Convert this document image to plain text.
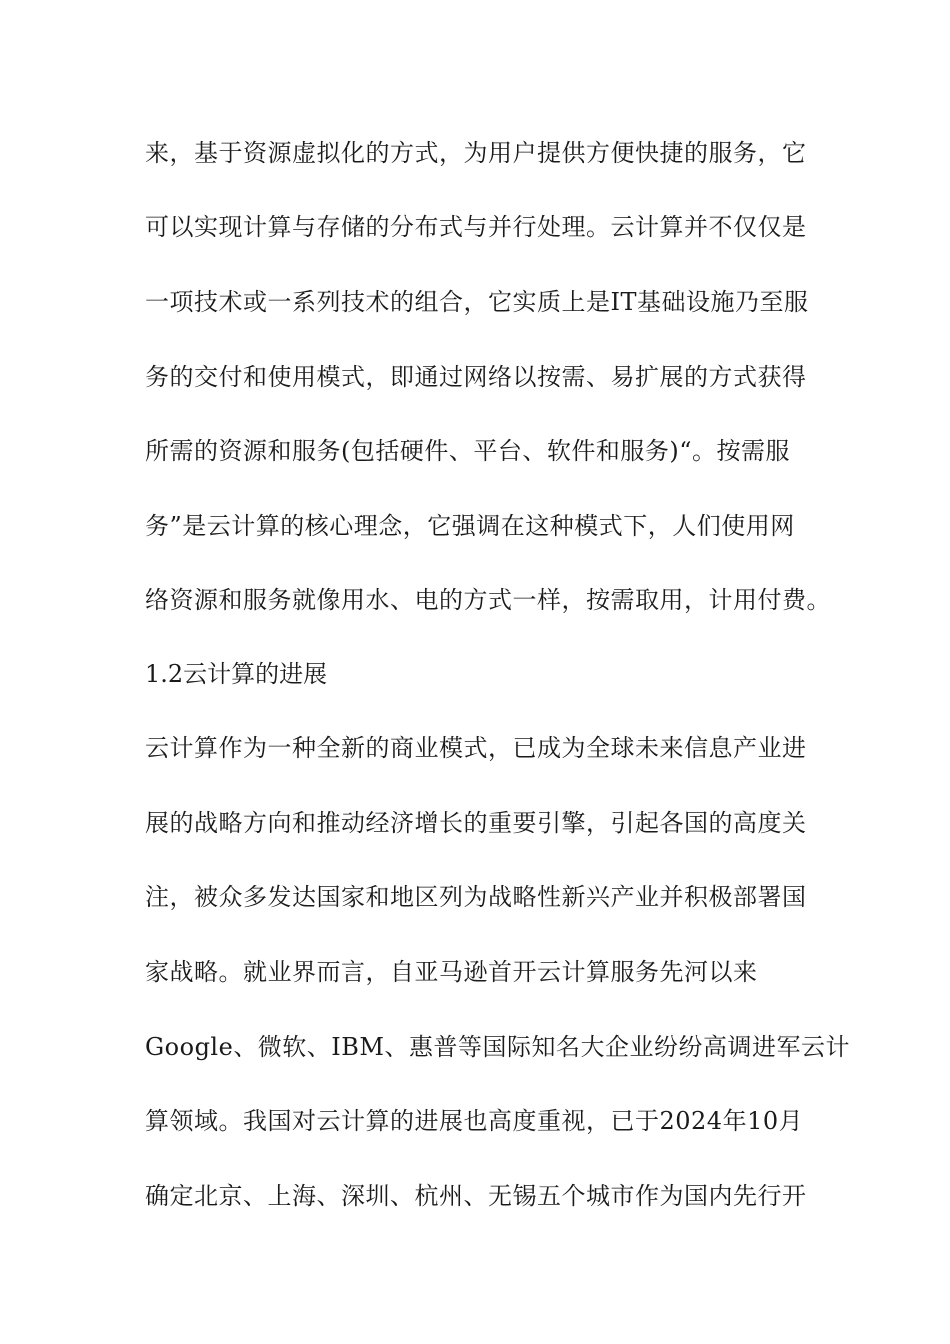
来，基于资源虚拟化的方式，为用户提供方便快捷的服务，它
可以实现计算与存储的分布式与并行处理。云计算并不仅仅是
一项技术或一系列技术的组合，它实质上是IT基础设施乃至服
务的交付和使用模式，即通过网络以按需、易扩展的方式获得
所需的资源和服务(包括硬件、平台、软件和服务)“。按需服
务”是云计算的核心理念，它强调在这种模式下，人们使用网
络资源和服务就像用水、电的方式一样，按需取用，计用付费。
1.2云计算的进展
云计算作为一种全新的商业模式，已成为全球未来信息产业进
展的战略方向和推动经济增长的重要引擎，引起各国的高度关
注，被众多发达国家和地区列为战略性新兴产业并积极部署国
家战略。就业界而言，自亚马逊首开云计算服务先河以来
Google、微软、IBM、惠普等国际知名大企业纷纷高调进军云计
算领域。我国对云计算的进展也高度重视，已于2024年10月
确定北京、上海、深圳、杭州、无锡五个城市作为国内先行开
